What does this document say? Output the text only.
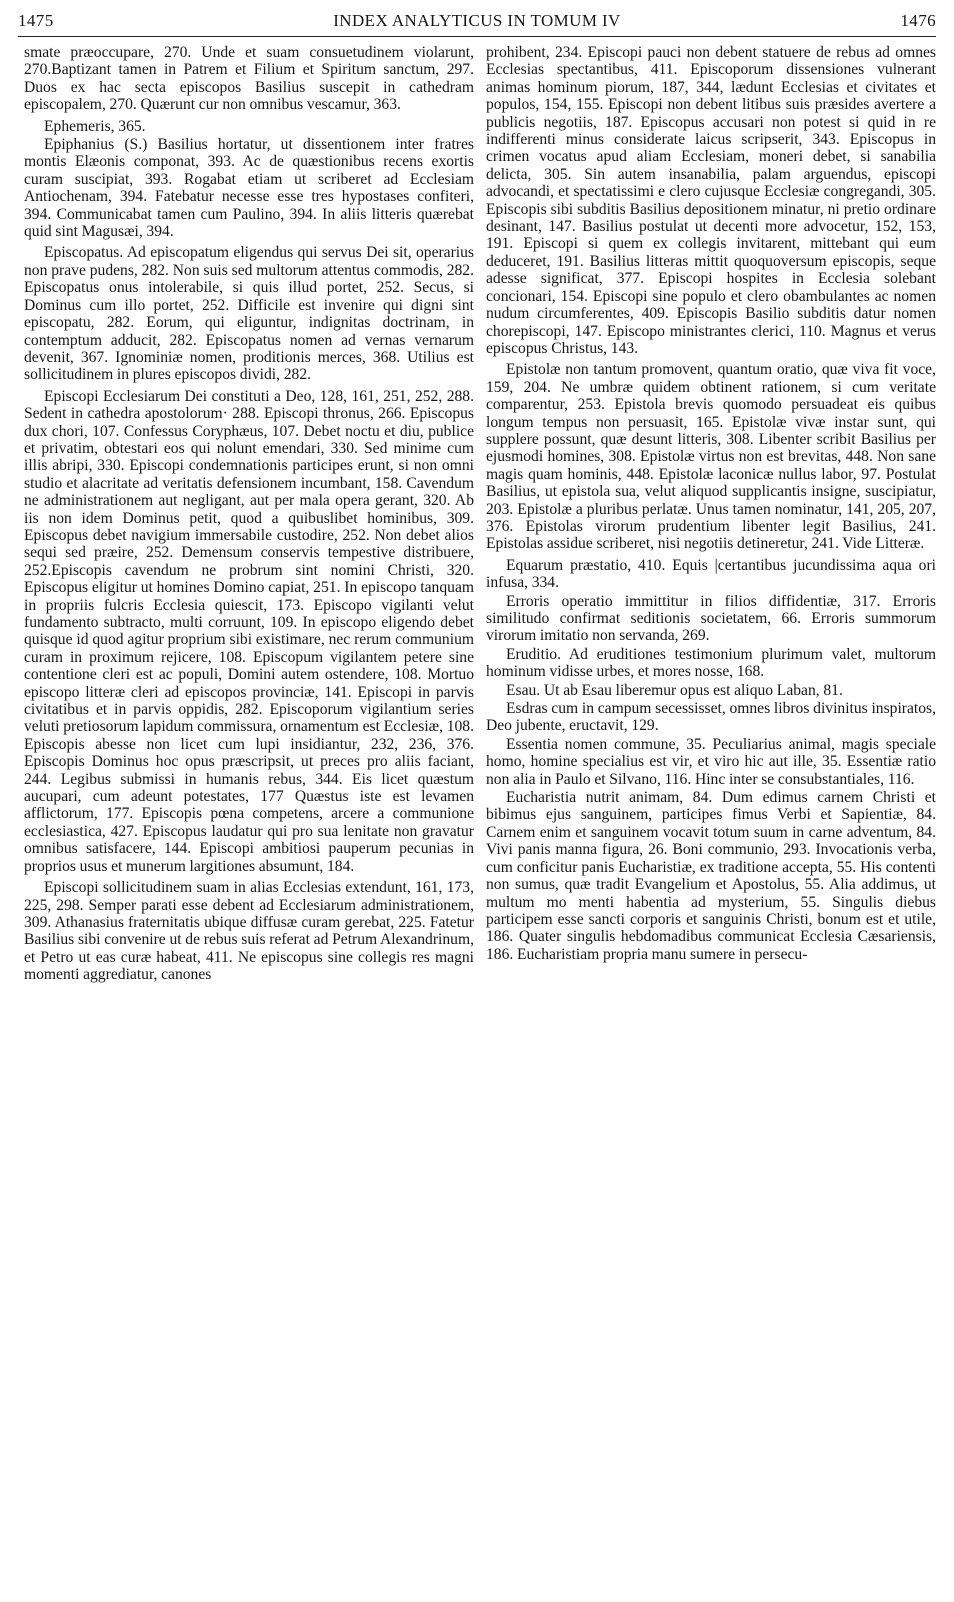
1475	INDEX ANALYTICUS IN TOMUM IV	1476

smate præoccupare, 270. Unde et suam consuetudinem violarunt, 270.Baptizant tamen in Patrem et Filium et Spiritum sanctum, 297. Duos ex hac secta episcopos Basilius suscepit in cathedram episcopalem, 270. Quærunt cur non omnibus vescamur, 363.

Ephemeris, 365.

Epiphanius (S.) Basilius hortatur, ut dissentionem inter fratres montis Elæonis componat, 393. Ac de quæstionibus recens exortis curam suscipiat, 393. Rogabat etiam ut scriberet ad Ecclesiam Antiochenam, 394. Fatebatur necesse esse tres hypostases confiteri, 394. Communicabat tamen cum Paulino, 394. In aliis litteris quærebat quid sint Magusæi, 394.

Episcopatus. Ad episcopatum eligendus qui servus Dei sit, operarius non prave pudens, 282. Non suis sed multorum attentus commodis, 282. Episcopatus onus intolerabile, si quis illud portet, 252. Secus, si Dominus cum illo portet, 252. Difficile est invenire qui digni sint episcopatu, 282. Eorum, qui eliguntur, indignitas doctrinam, in contemptum adducit, 282. Episcopatus nomen ad vernas vernarum devenit, 367. Ignominiæ nomen, proditionis merces, 368. Utilius est sollicitudinem in plures episcopos dividi, 282.

Episcopi Ecclesiarum Dei constituti a Deo, 128, 161, 251, 252, 288. Sedent in cathedra apostolorum· 288. Episcopi thronus, 266. Episcopus dux chori, 107. Confessus Coryphæus, 107. Debet noctu et diu, publice et privatim, obtestari eos qui nolunt emendari, 330. Sed minime cum illis abripi, 330. Episcopi condemnationis participes erunt, si non omni studio et alacritate ad veritatis defensionem incumbant, 158. Cavendum ne administrationem aut negligant, aut per mala opera gerant, 320. Ab iis non idem Dominus petit, quod a quibuslibet hominibus, 309. Episcopus debet navigium immersabile custodire, 252. Non debet alios sequi sed præire, 252. Demensum conservis tempestive distribuere, 252.Episcopis cavendum ne probrum sint nomini Christi, 320. Episcopus eligitur ut homines Domino capiat, 251. In episcopo tanquam in propriis fulcris Ecclesia quiescit, 173. Episcopo vigilanti velut fundamento subtracto, multi corruunt, 109. In episcopo eligendo debet quisque id quod agitur proprium sibi existimare, nec rerum communium curam in proximum rejicere, 108. Episcopum vigilantem petere sine contentione cleri est ac populi, Domini autem ostendere, 108. Mortuo episcopo litteræ cleri ad episcopos provinciæ, 141. Episcopi in parvis civitatibus et in parvis oppidis, 282. Episcoporum vigilantium series veluti pretiosorum lapidum commissura, ornamentum est Ecclesiæ, 108. Episcopis abesse non licet cum lupi insidiantur, 232, 236, 376. Episcopis Dominus hoc opus præscripsit, ut preces pro aliis faciant, 244. Legibus submissi in humanis rebus, 344. Eis licet quæstum aucupari, cum adeunt potestates, 177 Quæstus iste est levamen afflictorum, 177. Episcopis pœna competens, arcere a communione ecclesiastica, 427. Episcopus laudatur qui pro sua lenitate non gravatur omnibus satisfacere, 144. Episcopi ambitiosi pauperum pecunias in proprios usus et munerum largitiones absumunt, 184.

Episcopi sollicitudinem suam in alias Ecclesias extendunt, 161, 173, 225, 298. Semper parati esse debent ad Ecclesiarum administrationem, 309. Athanasius fraternitatis ubique diffusæ curam gerebat, 225. Fatetur Basilius sibi convenire ut de rebus suis referat ad Petrum Alexandrinum, et Petro ut eas curæ habeat, 411. Ne episcopus sine collegis res magni momenti aggrediatur, canones

prohibent, 234. Episcopi pauci non debent statuere de rebus ad omnes Ecclesias spectantibus, 411. Episcoporum dissensiones vulnerant animas hominum piorum, 187, 344, lædunt Ecclesias et civitates et populos, 154, 155. Episcopi non debent litibus suis præsides avertere a publicis negotiis, 187. Episcopus accusari non potest si quid in re indifferenti minus considerate laicus scripserit, 343. Episcopus in crimen vocatus apud aliam Ecclesiam, moneri debet, si sanabilia delicta, 305. Sin autem insanabilia, palam arguendus, episcopi advocandi, et spectatissimi e clero cujusque Ecclesiæ congregandi, 305. Episcopis sibi subditis Basilius depositionem minatur, ni pretio ordinare desinant, 147. Basilius postulat ut decenti more advocetur, 152, 153, 191. Episcopi si quem ex collegis invitarent, mittebant qui eum deduceret, 191. Basilius litteras mittit quoquoversum episcopis, seque adesse significat, 377. Episcopi hospites in Ecclesia solebant concionari, 154. Episcopi sine populo et clero obambulantes ac nomen nudum circumferentes, 409. Episcopis Basilio subditis datur nomen chorepiscopi, 147. Episcopo ministrantes clerici, 110. Magnus et verus episcopus Christus, 143.

Epistolæ non tantum promovent, quantum oratio, quæ viva fit voce, 159, 204. Ne umbræ quidem obtinent rationem, si cum veritate comparentur, 253. Epistola brevis quomodo persuadeat eis quibus longum tempus non persuasit, 165. Epistolæ vivæ instar sunt, qui supplere possunt, quæ desunt litteris, 308. Libenter scribit Basilius per ejusmodi homines, 308. Epistolæ virtus non est brevitas, 448. Non sane magis quam hominis, 448. Epistolæ laconicæ nullus labor, 97. Postulat Basilius, ut epistola sua, velut aliquod supplicantis insigne, suscipiatur, 203. Epistolæ a pluribus perlatæ. Unus tamen nominatur, 141, 205, 207, 376. Epistolas virorum prudentium libenter legit Basilius, 241. Epistolas assidue scriberet, nisi negotiis detineretur, 241. Vide Litteræ.

Equarum præstatio, 410. Equis |certantibus jucundissima aqua ori infusa, 334.

Erroris operatio immittitur in filios diffidentiæ, 317. Erroris similitudo confirmat seditionis societatem, 66. Erroris summorum virorum imitatio non servanda, 269.

Eruditio. Ad eruditiones testimonium plurimum valet, multorum hominum vidisse urbes, et mores nosse, 168.

Esau. Ut ab Esau liberemur opus est aliquo Laban, 81.

Esdras cum in campum secessisset, omnes libros divinitus inspiratos, Deo jubente, eructavit, 129.

Essentia nomen commune, 35. Peculiarius animal, magis speciale homo, homine specialius est vir, et viro hic aut ille, 35. Essentiæ ratio non alia in Paulo et Silvano, 116. Hinc inter se consubstantiales, 116.

Eucharistia nutrit animam, 84. Dum edimus carnem Christi et bibimus ejus sanguinem, participes fimus Verbi et Sapientiæ, 84. Carnem enim et sanguinem vocavit totum suum in carne adventum, 84. Vivi panis manna figura, 26. Boni communio, 293. Invocationis verba, cum conficitur panis Eucharistiæ, ex traditione accepta, 55. His contenti non sumus, quæ tradit Evangelium et Apostolus, 55. Alia addimus, ut multum mo menti habentia ad mysterium, 55. Singulis diebus participem esse sancti corporis et sanguinis Christi, bonum est et utile, 186. Quater singulis hebdomadibus communicat Ecclesia Cæsariensis, 186. Eucharistiam propria manu sumere in persecu-
